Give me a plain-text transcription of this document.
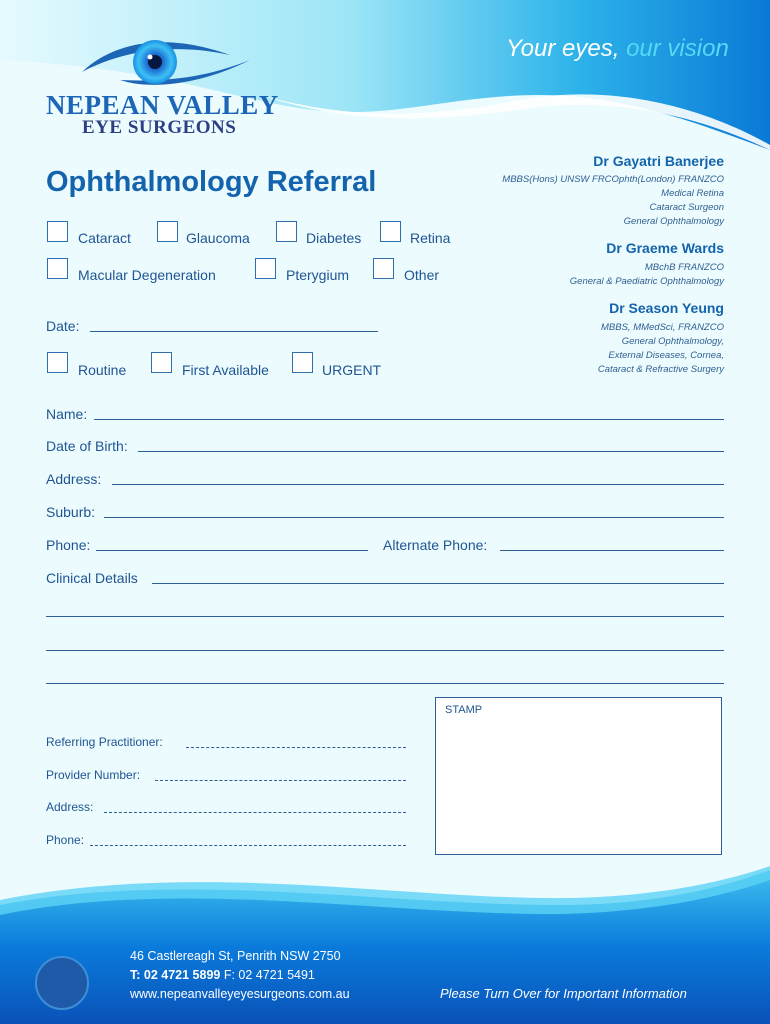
Your eyes, our vision
NEPEAN VALLEY
EYE SURGEONS
Ophthalmology Referral
Dr Gayatri Banerjee
MBBS(Hons) UNSW FRCOphth(London) FRANZCO
Medical Retina
Cataract Surgeon
General Ophthalmology
Dr Graeme Wards
MBchB FRANZCO
General & Paediatric Ophthalmology
Dr Season Yeung
MBBS, MMedSci, FRANZCO
General Ophthalmology,
External Diseases, Cornea,
Cataract & Refractive Surgery
Cataract	Glaucoma	Diabetes	Retina
Macular Degeneration	Pterygium	Other
Date:
Routine	First Available	URGENT
Name:
Date of Birth:
Address:
Suburb:
Phone:	Alternate Phone:
Clinical Details
Referring Practitioner:
Provider Number:
Address:
Phone:
STAMP
46 Castlereagh St, Penrith NSW 2750
T: 02 4721 5899 F: 02 4721 5491
www.nepeanvalleyeyesurgeons.com.au	Please Turn Over for Important Information
